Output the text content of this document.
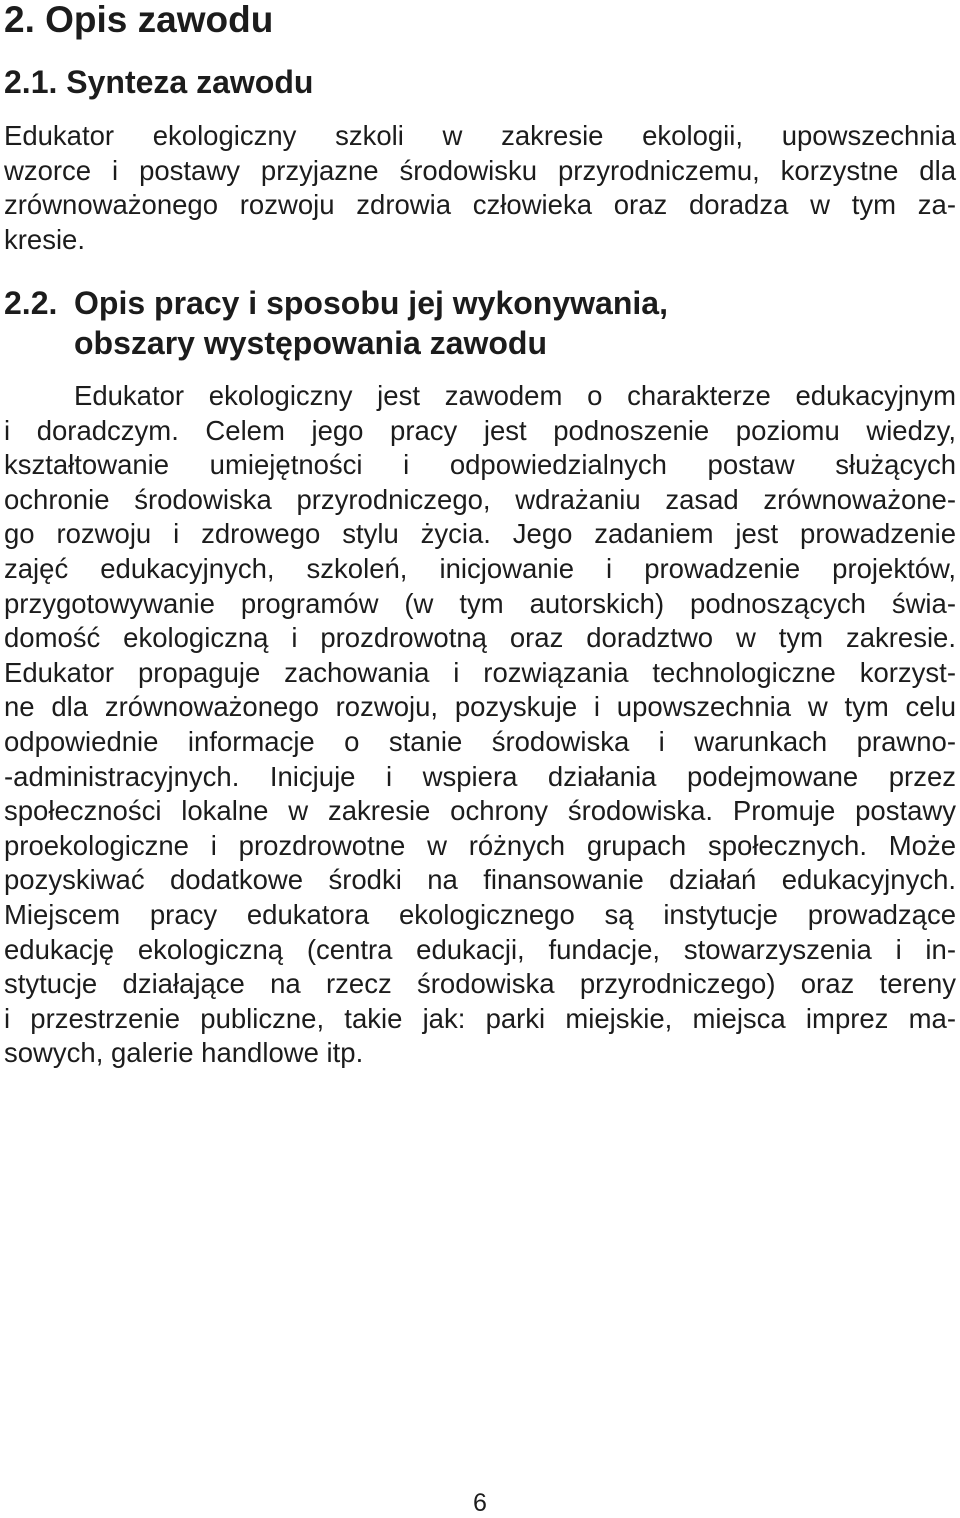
2. Opis zawodu
2.1. Synteza zawodu
Edukator ekologiczny szkoli w zakresie ekologii, upowszechnia
wzorce i postawy przyjazne środowisku przyrodniczemu, korzystne dla
zrównoważonego rozwoju zdrowia człowieka oraz doradza w tym za-
kresie.
2.2. Opis pracy i sposobu jej wykonywania,
obszary występowania zawodu
Edukator ekologiczny jest zawodem o charakterze edukacyjnym
i doradczym. Celem jego pracy jest podnoszenie poziomu wiedzy,
kształtowanie umiejętności i odpowiedzialnych postaw służących
ochronie środowiska przyrodniczego, wdrażaniu zasad zrównoważone-
go rozwoju i zdrowego stylu życia. Jego zadaniem jest prowadzenie
zajęć edukacyjnych, szkoleń, inicjowanie i prowadzenie projektów,
przygotowywanie programów (w tym autorskich) podnoszących świa-
domość ekologiczną i prozdrowotną oraz doradztwo w tym zakresie.
Edukator propaguje zachowania i rozwiązania technologiczne korzyst-
ne dla zrównoważonego rozwoju, pozyskuje i upowszechnia w tym celu
odpowiednie informacje o stanie środowiska i warunkach prawno-
-administracyjnych. Inicjuje i wspiera działania podejmowane przez
społeczności lokalne w zakresie ochrony środowiska. Promuje postawy
proekologiczne i prozdrowotne w różnych grupach społecznych. Może
pozyskiwać dodatkowe środki na finansowanie działań edukacyjnych.
Miejscem pracy edukatora ekologicznego są instytucje prowadzące
edukację ekologiczną (centra edukacji, fundacje, stowarzyszenia i in-
stytucje działające na rzecz środowiska przyrodniczego) oraz tereny
i przestrzenie publiczne, takie jak: parki miejskie, miejsca imprez ma-
sowych, galerie handlowe itp.
6
